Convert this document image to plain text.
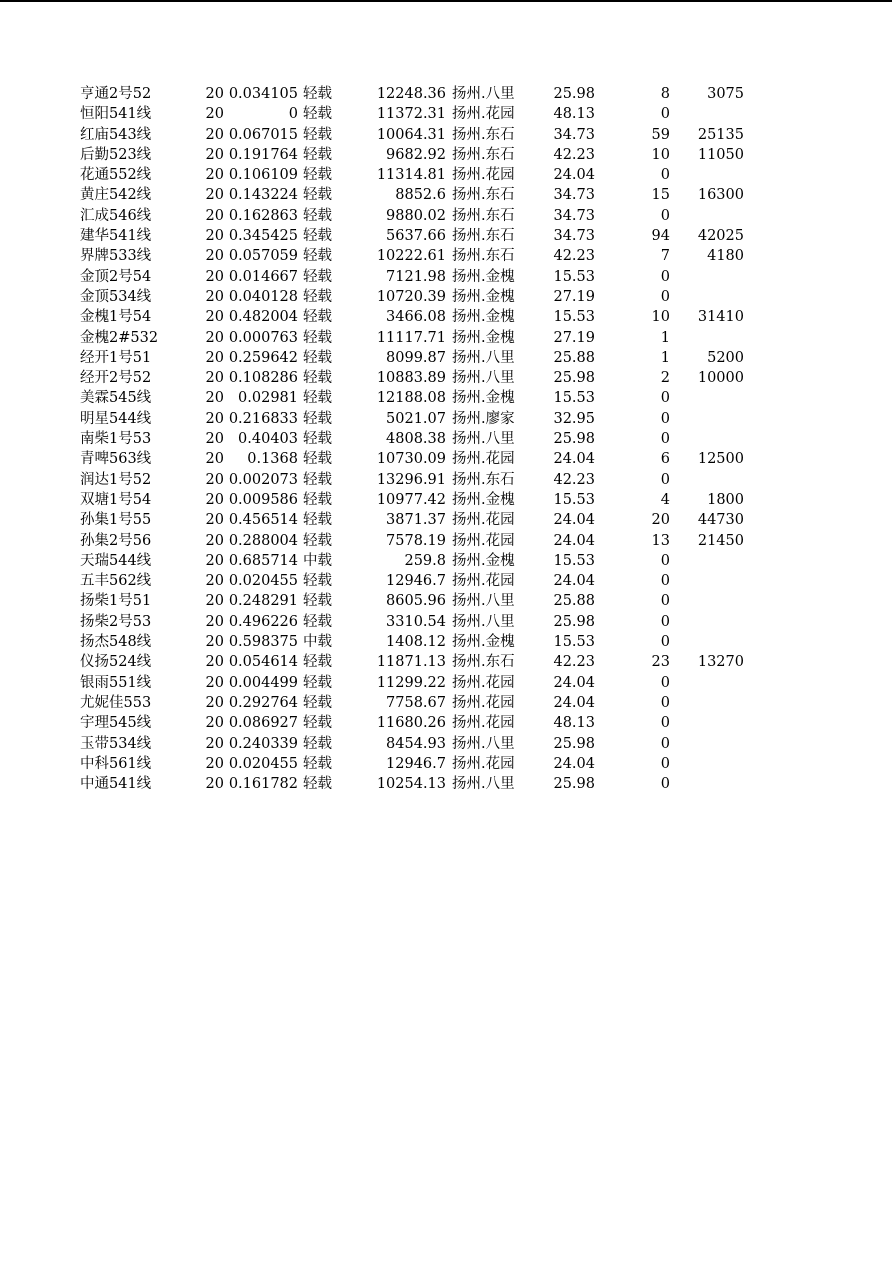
亨通2号52	20 0.034105 轻载	12248.36 扬州.八里	25.98	8	3075
恒阳541线	20	0 轻载	11372.31 扬州.花园	48.13	0
红庙543线	20 0.067015 轻载	10064.31 扬州.东石	34.73	59	25135
后勤523线	20 0.191764 轻载	9682.92 扬州.东石	42.23	10	11050
花通552线	20 0.106109 轻载	11314.81 扬州.花园	24.04	0
黄庄542线	20 0.143224 轻载	8852.6 扬州.东石	34.73	15	16300
汇成546线	20 0.162863 轻载	9880.02 扬州.东石	34.73	0
建华541线	20 0.345425 轻载	5637.66 扬州.东石	34.73	94	42025
界牌533线	20 0.057059 轻载	10222.61 扬州.东石	42.23	7	4180
金顶2号54	20 0.014667 轻载	7121.98 扬州.金槐	15.53	0
金顶534线	20 0.040128 轻载	10720.39 扬州.金槐	27.19	0
金槐1号54	20 0.482004 轻载	3466.08 扬州.金槐	15.53	10	31410
金槐2#532	20 0.000763 轻载	11117.71 扬州.金槐	27.19	1
经开1号51	20 0.259642 轻载	8099.87 扬州.八里	25.88	1	5200
经开2号52	20 0.108286 轻载	10883.89 扬州.八里	25.98	2	10000
美霖545线	20 0.02981 轻载	12188.08 扬州.金槐	15.53	0
明星544线	20 0.216833 轻载	5021.07 扬州.廖家	32.95	0
南柴1号53	20 0.40403 轻载	4808.38 扬州.八里	25.98	0
青啤563线	20	0.1368 轻载	10730.09 扬州.花园	24.04	6	12500
润达1号52	20 0.002073 轻载	13296.91 扬州.东石	42.23	0
双塘1号54	20 0.009586 轻载	10977.42 扬州.金槐	15.53	4	1800
孙集1号55	20 0.456514 轻载	3871.37 扬州.花园	24.04	20	44730
孙集2号56	20 0.288004 轻载	7578.19 扬州.花园	24.04	13	21450
天瑞544线	20 0.685714 中载	259.8 扬州.金槐	15.53	0
五丰562线	20 0.020455 轻载	12946.7 扬州.花园	24.04	0
扬柴1号51	20 0.248291 轻载	8605.96 扬州.八里	25.88	0
扬柴2号53	20 0.496226 轻载	3310.54 扬州.八里	25.98	0
扬杰548线	20 0.598375 中载	1408.12 扬州.金槐	15.53	0
仪扬524线	20 0.054614 轻载	11871.13 扬州.东石	42.23	23	13270
银雨551线	20 0.004499 轻载	11299.22 扬州.花园	24.04	0
尤妮佳553	20 0.292764 轻载	7758.67 扬州.花园	24.04	0
宇理545线	20 0.086927 轻载	11680.26 扬州.花园	48.13	0
玉带534线	20 0.240339 轻载	8454.93 扬州.八里	25.98	0
中科561线	20 0.020455 轻载	12946.7 扬州.花园	24.04	0
中通541线	20 0.161782 轻载	10254.13 扬州.八里	25.98	0
